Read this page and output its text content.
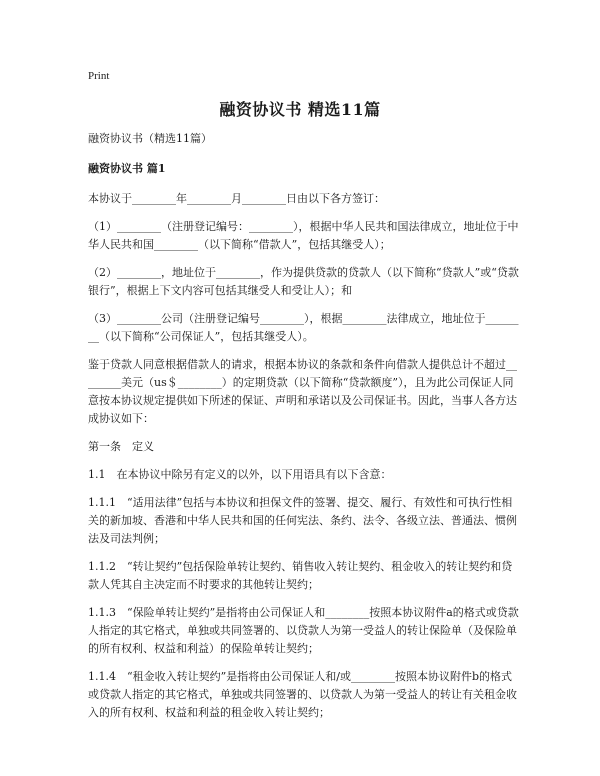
Print
融资协议书 精选11篇

融资协议书（精选11篇）

融资协议书 篇1

本协议于________年________月________日由以下各方签订：

（1）________（注册登记编号：________），根据中华人民共和国法律成立，地址位于中华人民共和国________（以下简称“借款人”，包括其继受人）；

（2）________，地址位于________，作为提供贷款的贷款人（以下简称“贷款人”或“贷款银行”，根据上下文内容可包括其继受人和受让人）；和

（3）________公司（注册登记编号________），根据________法律成立，地址位于________（以下简称“公司保证人”，包括其继受人）。

鉴于贷款人同意根据借款人的请求，根据本协议的条款和条件向借款人提供总计不超过________美元（us＄________）的定期贷款（以下简称“贷款额度”），且为此公司保证人同意按本协议规定提供如下所述的保证、声明和承诺以及公司保证书。因此，当事人各方达成协议如下：

第一条　定义

1.1　在本协议中除另有定义的以外，以下用语具有以下含意：

1.1.1　“适用法律”包括与本协议和担保文件的签署、提交、履行、有效性和可执行性相关的新加坡、香港和中华人民共和国的任何宪法、条约、法令、各级立法、普通法、惯例法及司法判例；

1.1.2　“转让契约”包括保险单转让契约、销售收入转让契约、租金收入的转让契约和贷款人凭其自主决定而不时要求的其他转让契约；

1.1.3　“保险单转让契约”是指将由公司保证人和________按照本协议附件a的格式或贷款人指定的其它格式，单独或共同签署的、以贷款人为第一受益人的转让保险单（及保险单的所有权利、权益和利益）的保险单转让契约；

1.1.4　“租金收入转让契约”是指将由公司保证人和/或________按照本协议附件b的格式或贷款人指定的其它格式，单独或共同签署的、以贷款人为第一受益人的转让有关租金收入的所有权利、权益和利益的租金收入转让契约；
